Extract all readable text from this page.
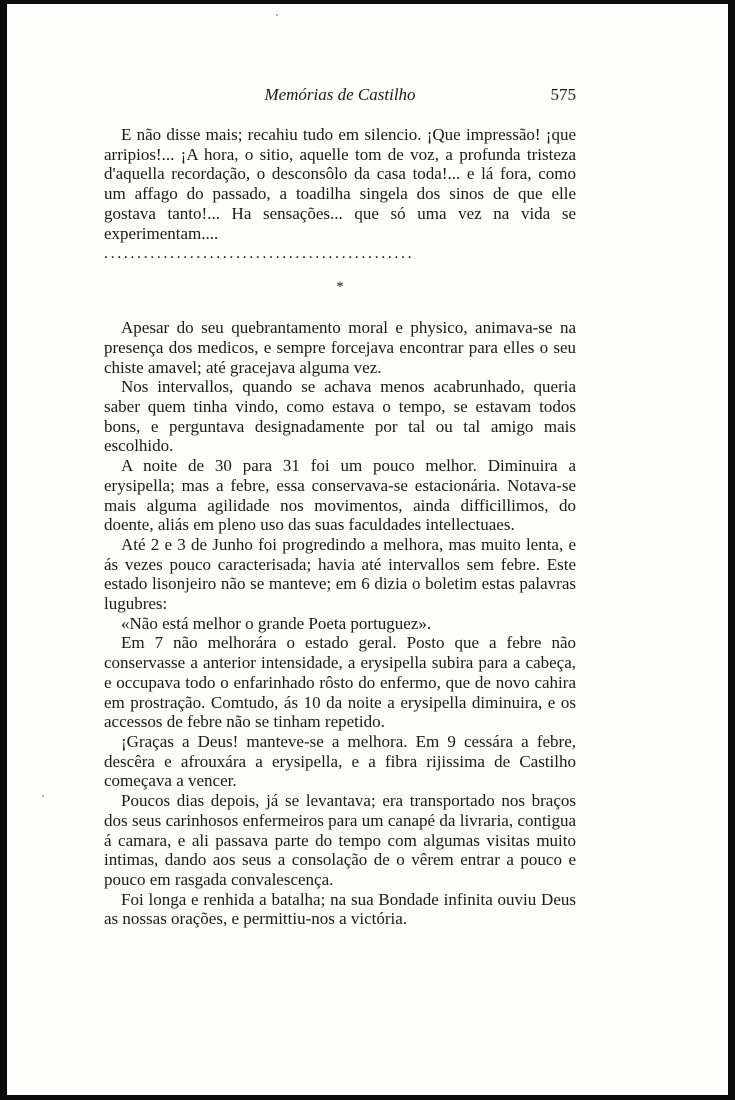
Memórias de Castilho	575

E não disse mais; recahiu tudo em silencio. ¡Que impressão! ¡que arripios!... ¡A hora, o sitio, aquelle tom de voz, a profunda tristeza d'aquella recordação, o desconsôlo da casa toda!... e lá fora, como um affago do passado, a toadilha singela dos sinos de que elle gostava tanto!... Ha sensações... que só uma vez na vida se experimentam....

...............................................
*

Apesar do seu quebrantamento moral e physico, animava-se na presença dos medicos, e sempre forcejava encontrar para elles o seu chiste amavel; até gracejava alguma vez.

Nos intervallos, quando se achava menos acabrunhado, queria saber quem tinha vindo, como estava o tempo, se estavam todos bons, e perguntava designadamente por tal ou tal amigo mais escolhido.

A noite de 30 para 31 foi um pouco melhor. Diminuira a erysipella; mas a febre, essa conservava-se estacionária. Notava-se mais alguma agilidade nos movimentos, ainda difficillimos, do doente, aliás em pleno uso das suas faculdades intellectuaes.

Até 2 e 3 de Junho foi progredindo a melhora, mas muito lenta, e ás vezes pouco caracterisada; havia até intervallos sem febre. Este estado lisonjeiro não se manteve; em 6 dizia o boletim estas palavras lugubres:

«Não está melhor o grande Poeta portuguez».

Em 7 não melhorára o estado geral. Posto que a febre não conservasse a anterior intensidade, a erysipella subira para a cabeça, e occupava todo o enfarinhado rôsto do enfermo, que de novo cahira em prostração. Comtudo, ás 10 da noite a erysipella diminuira, e os accessos de febre não se tinham repetido.

¡Graças a Deus! manteve-se a melhora. Em 9 cessára a febre, descêra e afrouxára a erysipella, e a fibra rijissima de Castilho começava a vencer.

Poucos dias depois, já se levantava; era transportado nos braços dos seus carinhosos enfermeiros para um canapé da livraria, contigua á camara, e ali passava parte do tempo com algumas visitas muito intimas, dando aos seus a consolação de o vêrem entrar a pouco e pouco em rasgada convalescença.

Foi longa e renhida a batalha; na sua Bondade infinita ouviu Deus as nossas orações, e permittiu-nos a victória.
